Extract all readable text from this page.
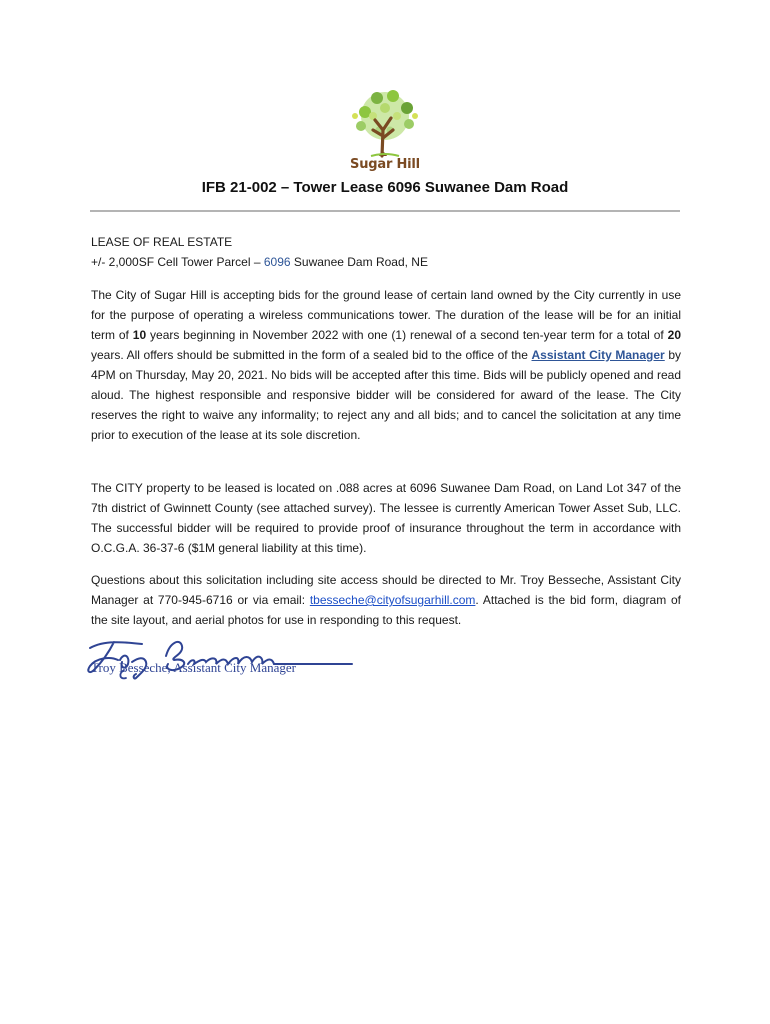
Sugar Hill
IFB 21-002 – Tower Lease 6096 Suwanee Dam Road
LEASE OF REAL ESTATE
+/- 2,000SF Cell Tower Parcel – 6096 Suwanee Dam Road, NE
The City of Sugar Hill is accepting bids for the ground lease of certain land owned by the City currently in use for the purpose of operating a wireless communications tower. The duration of the lease will be for an initial term of 10 years beginning in November 2022 with one (1) renewal of a second ten-year term for a total of 20 years. All offers should be submitted in the form of a sealed bid to the office of the Assistant City Manager by 4PM on Thursday, May 20, 2021. No bids will be accepted after this time. Bids will be publicly opened and read aloud. The highest responsible and responsive bidder will be considered for award of the lease. The City reserves the right to waive any informality; to reject any and all bids; and to cancel the solicitation at any time prior to execution of the lease at its sole discretion.
The CITY property to be leased is located on .088 acres at 6096 Suwanee Dam Road, on Land Lot 347 of the 7th district of Gwinnett County (see attached survey). The lessee is currently American Tower Asset Sub, LLC. The successful bidder will be required to provide proof of insurance throughout the term in accordance with O.C.G.A. 36-37-6 ($1M general liability at this time).
Questions about this solicitation including site access should be directed to Mr. Troy Besseche, Assistant City Manager at 770-945-6716 or via email: tbesseche@cityofsugarhill.com. Attached is the bid form, diagram of the site layout, and aerial photos for use in responding to this request.
Troy Besseche, Assistant City Manager
